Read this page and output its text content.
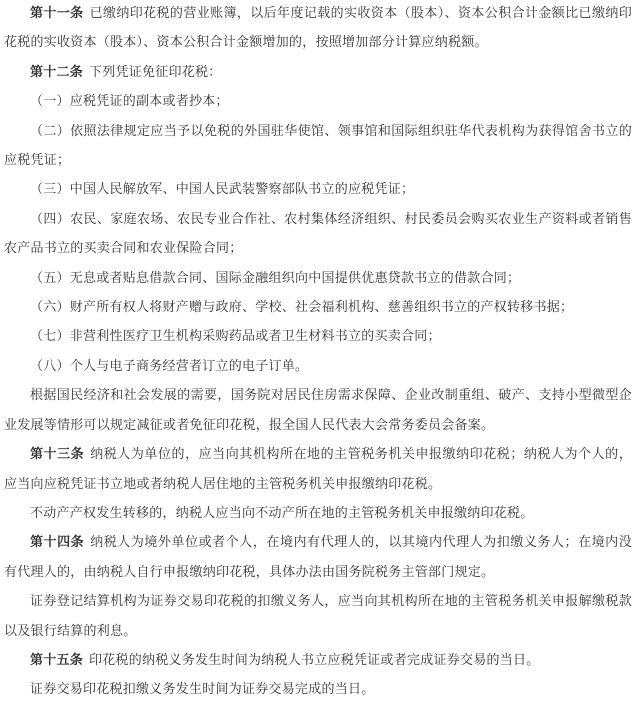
第十一条 已缴纳印花税的营业账簿，以后年度记载的实收资本（股本）、资本公积合计金额比已缴纳印花税的实收资本（股本）、资本公积合计金额增加的，按照增加部分计算应纳税额。

第十二条 下列凭证免征印花税：

（一）应税凭证的副本或者抄本；

（二）依照法律规定应当予以免税的外国驻华使馆、领事馆和国际组织驻华代表机构为获得馆舍书立的应税凭证；

（三）中国人民解放军、中国人民武装警察部队书立的应税凭证；

（四）农民、家庭农场、农民专业合作社、农村集体经济组织、村民委员会购买农业生产资料或者销售农产品书立的买卖合同和农业保险合同；

（五）无息或者贴息借款合同、国际金融组织向中国提供优惠贷款书立的借款合同；

（六）财产所有权人将财产赠与政府、学校、社会福利机构、慈善组织书立的产权转移书据；

（七）非营利性医疗卫生机构采购药品或者卫生材料书立的买卖合同；

（八）个人与电子商务经营者订立的电子订单。

根据国民经济和社会发展的需要，国务院对居民住房需求保障、企业改制重组、破产、支持小型微型企业发展等情形可以规定减征或者免征印花税，报全国人民代表大会常务委员会备案。

第十三条 纳税人为单位的，应当向其机构所在地的主管税务机关申报缴纳印花税；纳税人为个人的，应当向应税凭证书立地或者纳税人居住地的主管税务机关申报缴纳印花税。

不动产产权发生转移的，纳税人应当向不动产所在地的主管税务机关申报缴纳印花税。

第十四条 纳税人为境外单位或者个人，在境内有代理人的，以其境内代理人为扣缴义务人；在境内没有代理人的，由纳税人自行申报缴纳印花税，具体办法由国务院税务主管部门规定。

证券登记结算机构为证券交易印花税的扣缴义务人，应当向其机构所在地的主管税务机关申报解缴税款以及银行结算的利息。

第十五条 印花税的纳税义务发生时间为纳税人书立应税凭证或者完成证券交易的当日。

证券交易印花税扣缴义务发生时间为证券交易完成的当日。
